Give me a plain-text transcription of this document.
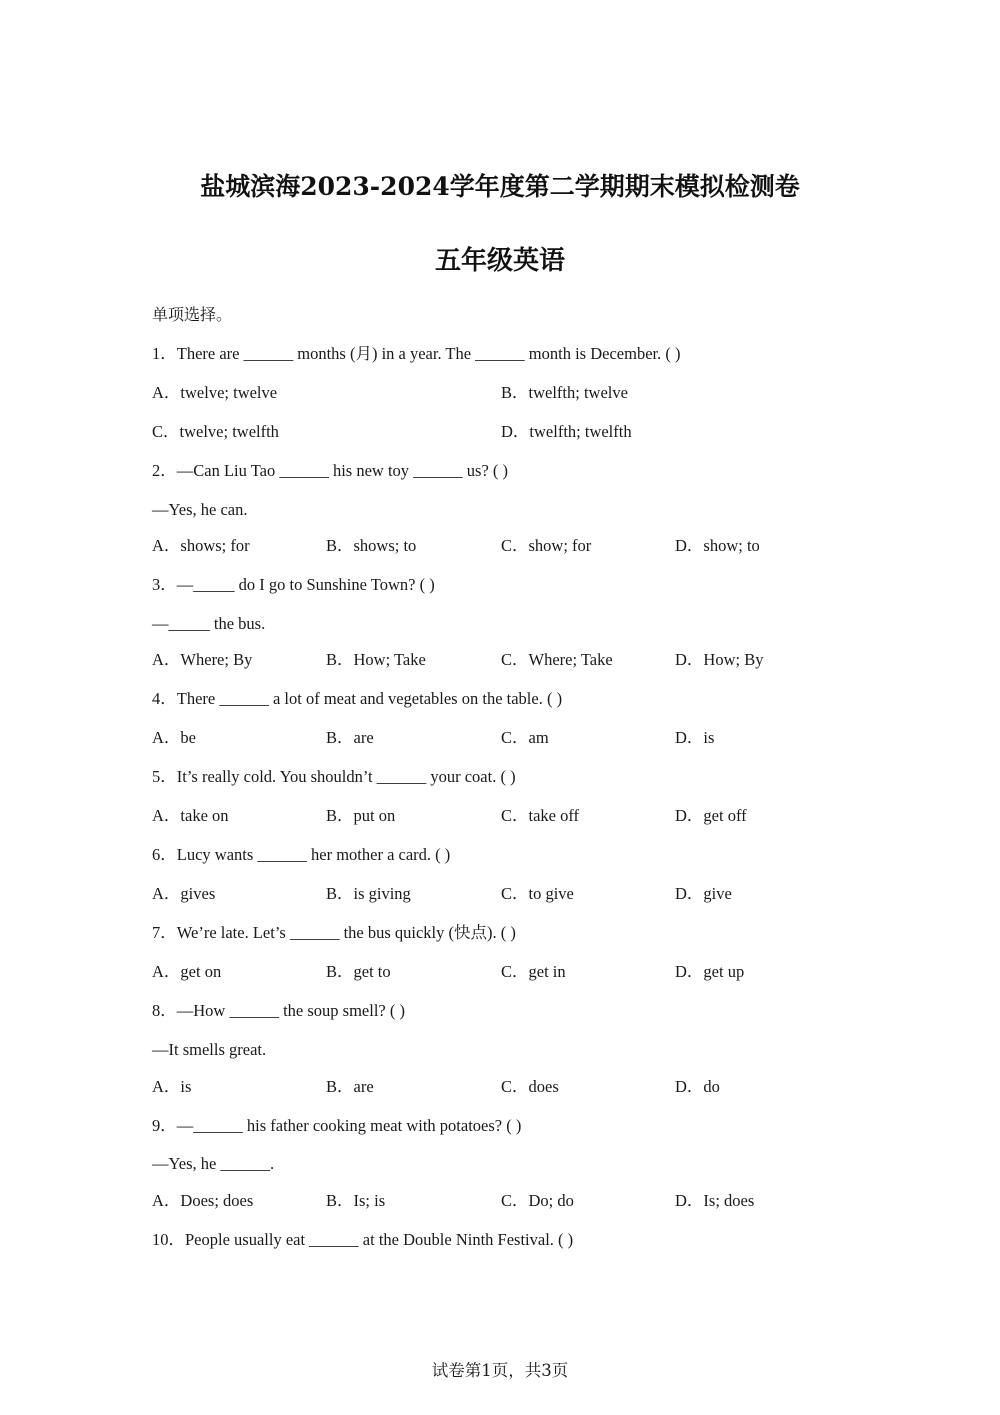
盐城滨海2023-2024学年度第二学期期末模拟检测卷
五年级英语
单项选择。
1．There are ______ months (月) in a year. The ______ month is December. ( )
A．twelve; twelve	B．twelfth; twelve
C．twelve; twelfth	D．twelfth; twelfth
2．—Can Liu Tao ______ his new toy ______ us? ( )
—Yes, he can.
A．shows; for	B．shows; to	C．show; for	D．show; to
3．—_____ do I go to Sunshine Town? ( )
—_____ the bus.
A．Where; By	B．How; Take	C．Where; Take	D．How; By
4．There ______ a lot of meat and vegetables on the table. ( )
A．be	B．are	C．am	D．is
5．It’s really cold. You shouldn’t ______ your coat. ( )
A．take on	B．put on	C．take off	D．get off
6．Lucy wants ______ her mother a card. ( )
A．gives	B．is giving	C．to give	D．give
7．We’re late. Let’s ______ the bus quickly (快点). ( )
A．get on	B．get to	C．get in	D．get up
8．—How ______ the soup smell? ( )
—It smells great.
A．is	B．are	C．does	D．do
9．—______ his father cooking meat with potatoes? ( )
—Yes, he ______.
A．Does; does	B．Is; is	C．Do; do	D．Is; does
10．People usually eat ______ at the Double Ninth Festival. ( )
试卷第1页，共3页
